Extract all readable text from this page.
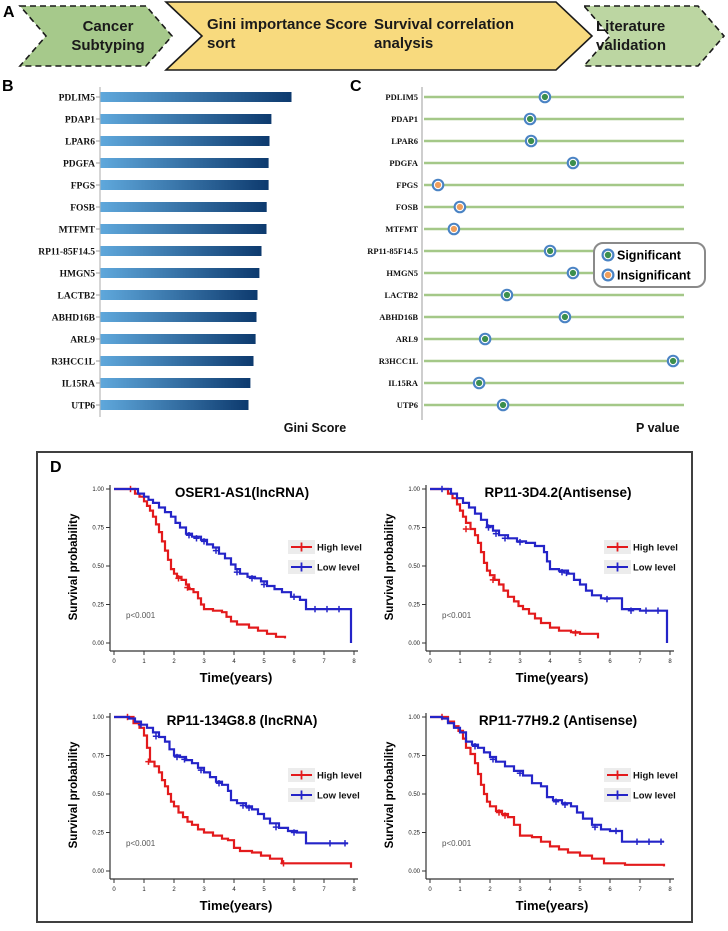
A
B	C
Cancer Subtyping
Gini importance Score sort
Survival correlation analysis
Literature validation
PDLIM5
PDAP1
LPAR6
PDGFA
FPGS
FOSB
MTFMT
RP11-85F14.5
HMGN5
LACTB2
ABHD16B
ARL9
R3HCC1L
IL15RA
UTP6
Gini Score
PDLIM5
PDAP1
LPAR6
PDGFA
FPGS
FOSB
MTFMT
RP11-85F14.5
HMGN5
LACTB2
ABHD16B
ARL9
R3HCC1L
IL15RA
UTP6
Significant
Insignificant
P value
D
1.00
0.75
0.50
0.25
0.00
0	1	2	3	4	5	6	7	8
OSER1-AS1(lncRNA)
Time(years)
Survival probability	p<0.001
High level
Low level
1.00
0.75
0.50
0.25
0.00
0	1	2	3	4	5	6	7	8
RP11-3D4.2(Antisense)
Time(years)
Survival probability	p<0.001
High level
Low level
1.00
0.75
0.50
0.25
0.00
0	1	2	3	4	5	6	7	8
RP11-134G8.8 (lncRNA)
Time(years)
Survival probability	p<0.001
High level
Low level
1.00
0.75
0.50
0.25
0.00
0	1	2	3	4	5	6	7	8
RP11-77H9.2 (Antisense)
Time(years)
Survival probability	p<0.001
High level
Low level
